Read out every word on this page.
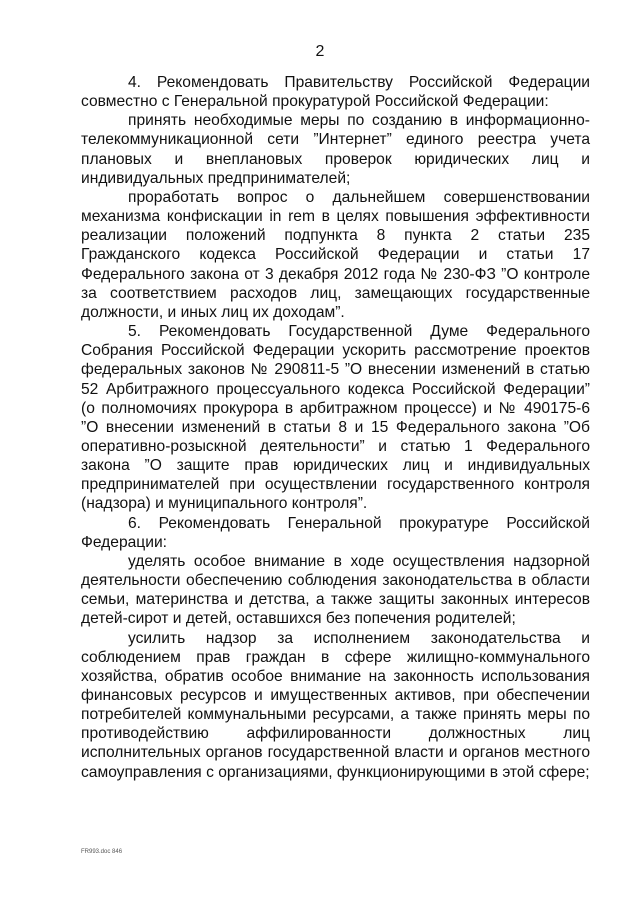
2

4. Рекомендовать Правительству Российской Федерации совместно с Генеральной прокуратурой Российской Федерации:

принять необходимые меры по созданию в информационно-телекоммуникационной сети ”Интернет” единого реестра учета плановых и внеплановых проверок юридических лиц и индивидуальных предпринимателей;

проработать вопрос о дальнейшем совершенствовании механизма конфискации in rem в целях повышения эффективности реализации положений подпункта 8 пункта 2 статьи 235 Гражданского кодекса Российской Федерации и статьи 17 Федерального закона от 3 декабря 2012 года № 230-ФЗ ”О контроле за соответствием расходов лиц, замещающих государственные должности, и иных лиц их доходам”.

5. Рекомендовать Государственной Думе Федерального Собрания Российской Федерации ускорить рассмотрение проектов федеральных законов № 290811-5 ”О внесении изменений в статью 52 Арбитражного процессуального кодекса Российской Федерации” (о полномочиях прокурора в арбитражном процессе) и № 490175-6 ”О внесении изменений в статьи 8 и 15 Федерального закона ”Об оперативно-розыскной деятельности” и статью 1 Федерального закона ”О защите прав юридических лиц и индивидуальных предпринимателей при осуществлении государственного контроля (надзора) и муниципального контроля”.

6. Рекомендовать Генеральной прокуратуре Российской Федерации:

уделять особое внимание в ходе осуществления надзорной деятельности обеспечению соблюдения законодательства в области семьи, материнства и детства, а также защиты законных интересов детей-сирот и детей, оставшихся без попечения родителей;

усилить надзор за исполнением законодательства и соблюдением прав граждан в сфере жилищно-коммунального хозяйства, обратив особое внимание на законность использования финансовых ресурсов и имущественных активов, при обеспечении потребителей коммунальными ресурсами, а также принять меры по противодействию аффилированности должностных лиц исполнительных органов государственной власти и органов местного самоуправления с организациями, функционирующими в этой сфере;

FR993.doc 846
